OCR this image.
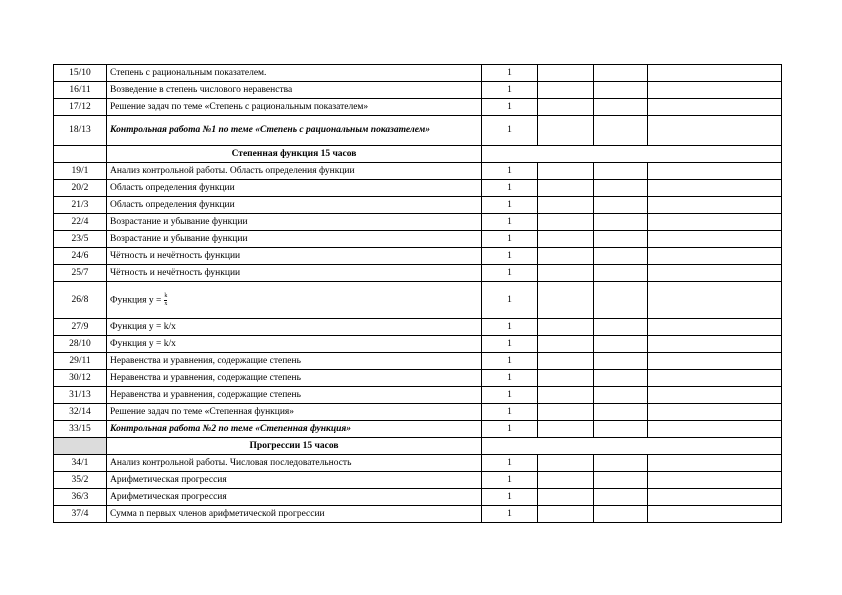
15/10	Степень с рациональным показателем.	1			
16/11	Возведение в степень числового неравенства	1			
17/12	Решение задач по теме «Степень с рациональным показателем»	1			
18/13	Контрольная работа №1 по теме «Степень с рациональным показателем»	1			
	Степенная функция 15 часов				
19/1	Анализ контрольной работы. Область определения функции	1			
20/2	Область определения функции	1			
21/3	Область определения функции	1			
22/4	Возрастание и убывание функции	1			
23/5	Возрастание и убывание функции	1			
24/6	Чётность и нечётность функции	1			
25/7	Чётность и нечётность функции	1			
26/8	Функция $у = \frac{k}{x}$	1			
27/9	Функция у = k/x	1			
28/10	Функция у = k/x	1			
29/11	Неравенства и уравнения, содержащие степень	1			
30/12	Неравенства и уравнения, содержащие степень	1			
31/13	Неравенства и уравнения, содержащие степень	1			
32/14	Решение задач по теме «Степенная функция»	1			
33/15	Контрольная работа №2 по теме «Степенная функция»	1			
	Прогрессии 15 часов				
34/1	Анализ контрольной работы. Числовая последовательность	1			
35/2	Арифметическая прогрессия	1			
36/3	Арифметическая прогрессия	1			
37/4	Сумма n первых членов арифметической прогрессии	1			
